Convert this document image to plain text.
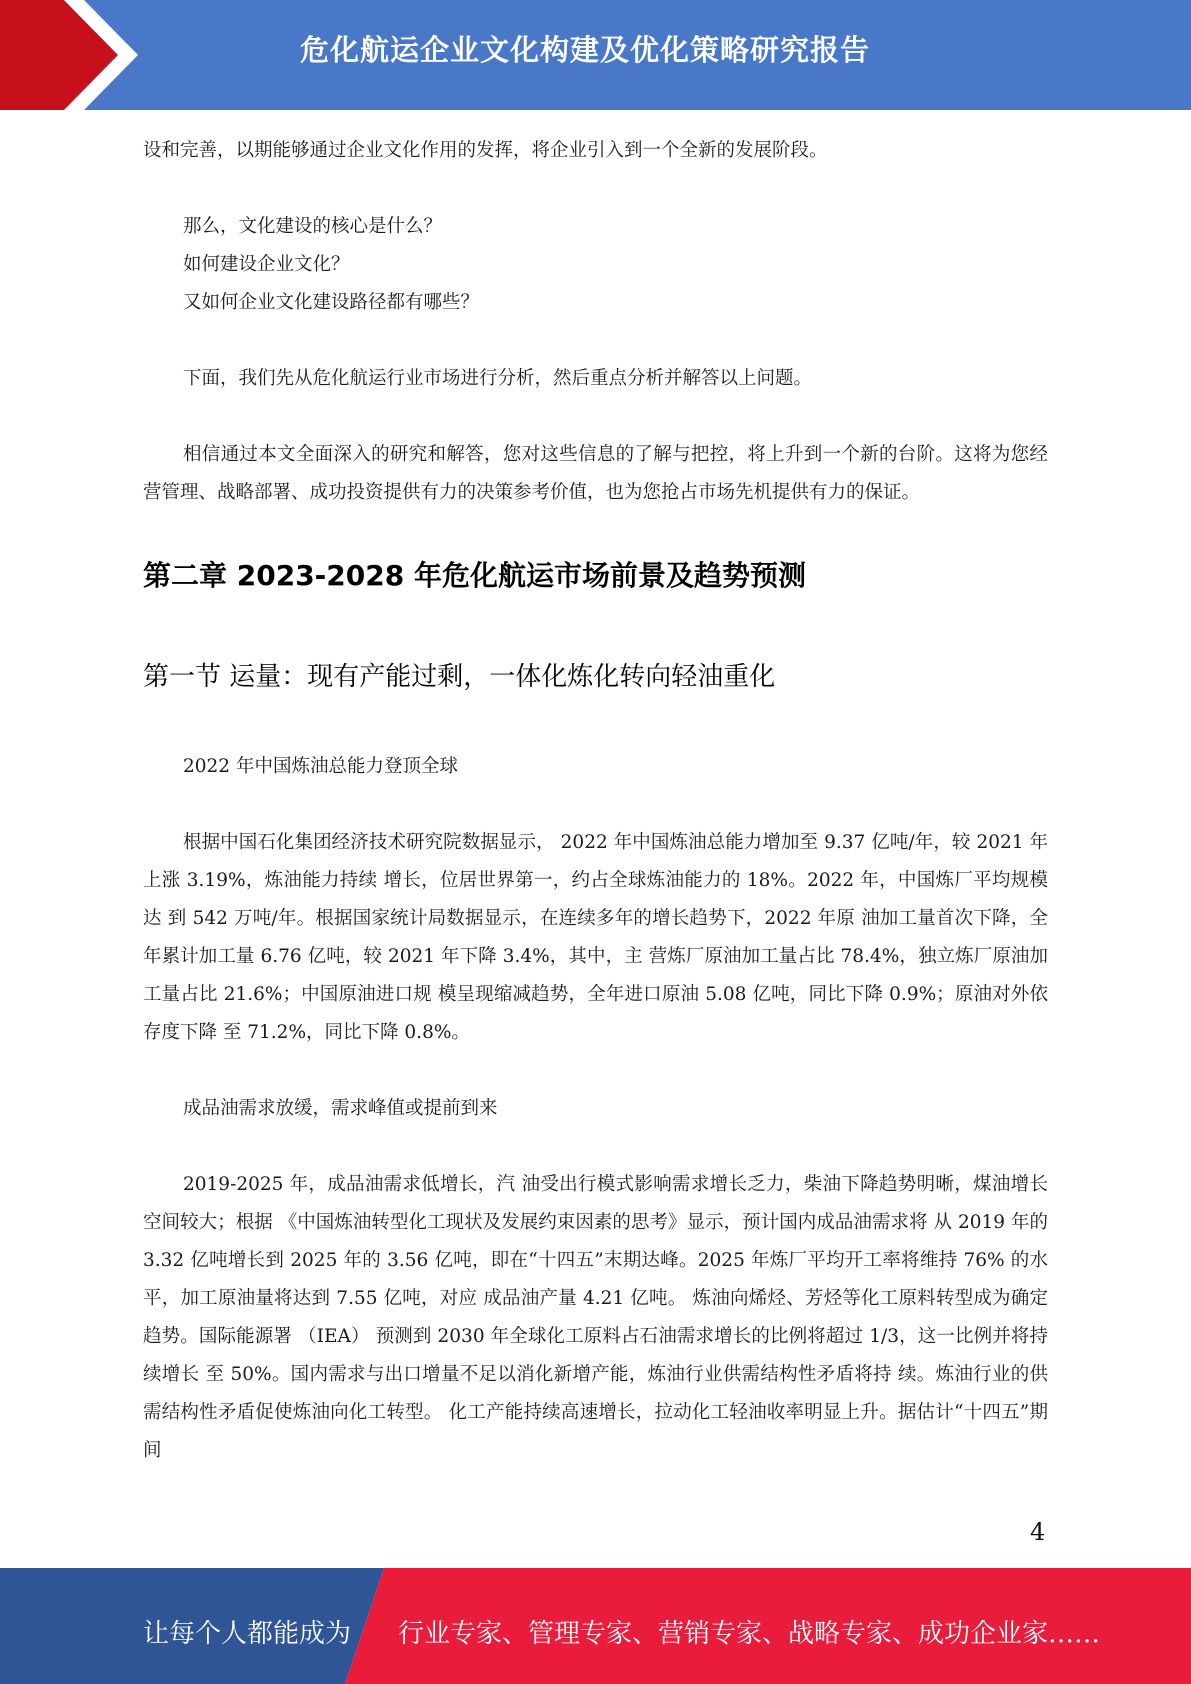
危化航运企业文化构建及优化策略研究报告

设和完善，以期能够通过企业文化作用的发挥，将企业引入到一个全新的发展阶段。

那么，文化建设的核心是什么？

如何建设企业文化？

又如何企业文化建设路径都有哪些？

下面，我们先从危化航运行业市场进行分析，然后重点分析并解答以上问题。

相信通过本文全面深入的研究和解答，您对这些信息的了解与把控，将上升到一个新的台阶。这将为您经营管理、战略部署、成功投资提供有力的决策参考价值，也为您抢占市场先机提供有力的保证。

第二章 2023-2028 年危化航运市场前景及趋势预测
第一节 运量：现有产能过剩，一体化炼化转向轻油重化

2022 年中国炼油总能力登顶全球

根据中国石化集团经济技术研究院数据显示， 2022 年中国炼油总能力增加至 9.37 亿吨/年，较 2021 年上涨 3.19%，炼油能力持续 增长，位居世界第一，约占全球炼油能力的 18%。2022 年，中国炼厂平均规模达 到 542 万吨/年。根据国家统计局数据显示，在连续多年的增长趋势下，2022 年原 油加工量首次下降，全年累计加工量 6.76 亿吨，较 2021 年下降 3.4%，其中，主 营炼厂原油加工量占比 78.4%，独立炼厂原油加工量占比 21.6%；中国原油进口规 模呈现缩减趋势，全年进口原油 5.08 亿吨，同比下降 0.9%；原油对外依存度下降 至 71.2%，同比下降 0.8%。

成品油需求放缓，需求峰值或提前到来

2019-2025 年，成品油需求低增长，汽 油受出行模式影响需求增长乏力，柴油下降趋势明晰，煤油增长空间较大；根据 《中国炼油转型化工现状及发展约束因素的思考》显示，预计国内成品油需求将 从 2019 年的 3.32 亿吨增长到 2025 年的 3.56 亿吨，即在“十四五”末期达峰。2025 年炼厂平均开工率将维持 76% 的水平，加工原油量将达到 7.55 亿吨，对应 成品油产量 4.21 亿吨。 炼油向烯烃、芳烃等化工原料转型成为确定趋势。国际能源署 （IEA） 预测到 2030 年全球化工原料占石油需求增长的比例将超过 1/3，这一比例并将持续增长 至 50%。国内需求与出口增量不足以消化新增产能，炼油行业供需结构性矛盾将持 续。炼油行业的供需结构性矛盾促使炼油向化工转型。 化工产能持续高速增长，拉动化工轻油收率明显上升。据估计“十四五”期间

4
让每个人都能成为 行业专家、管理专家、营销专家、战略专家、成功企业家……
